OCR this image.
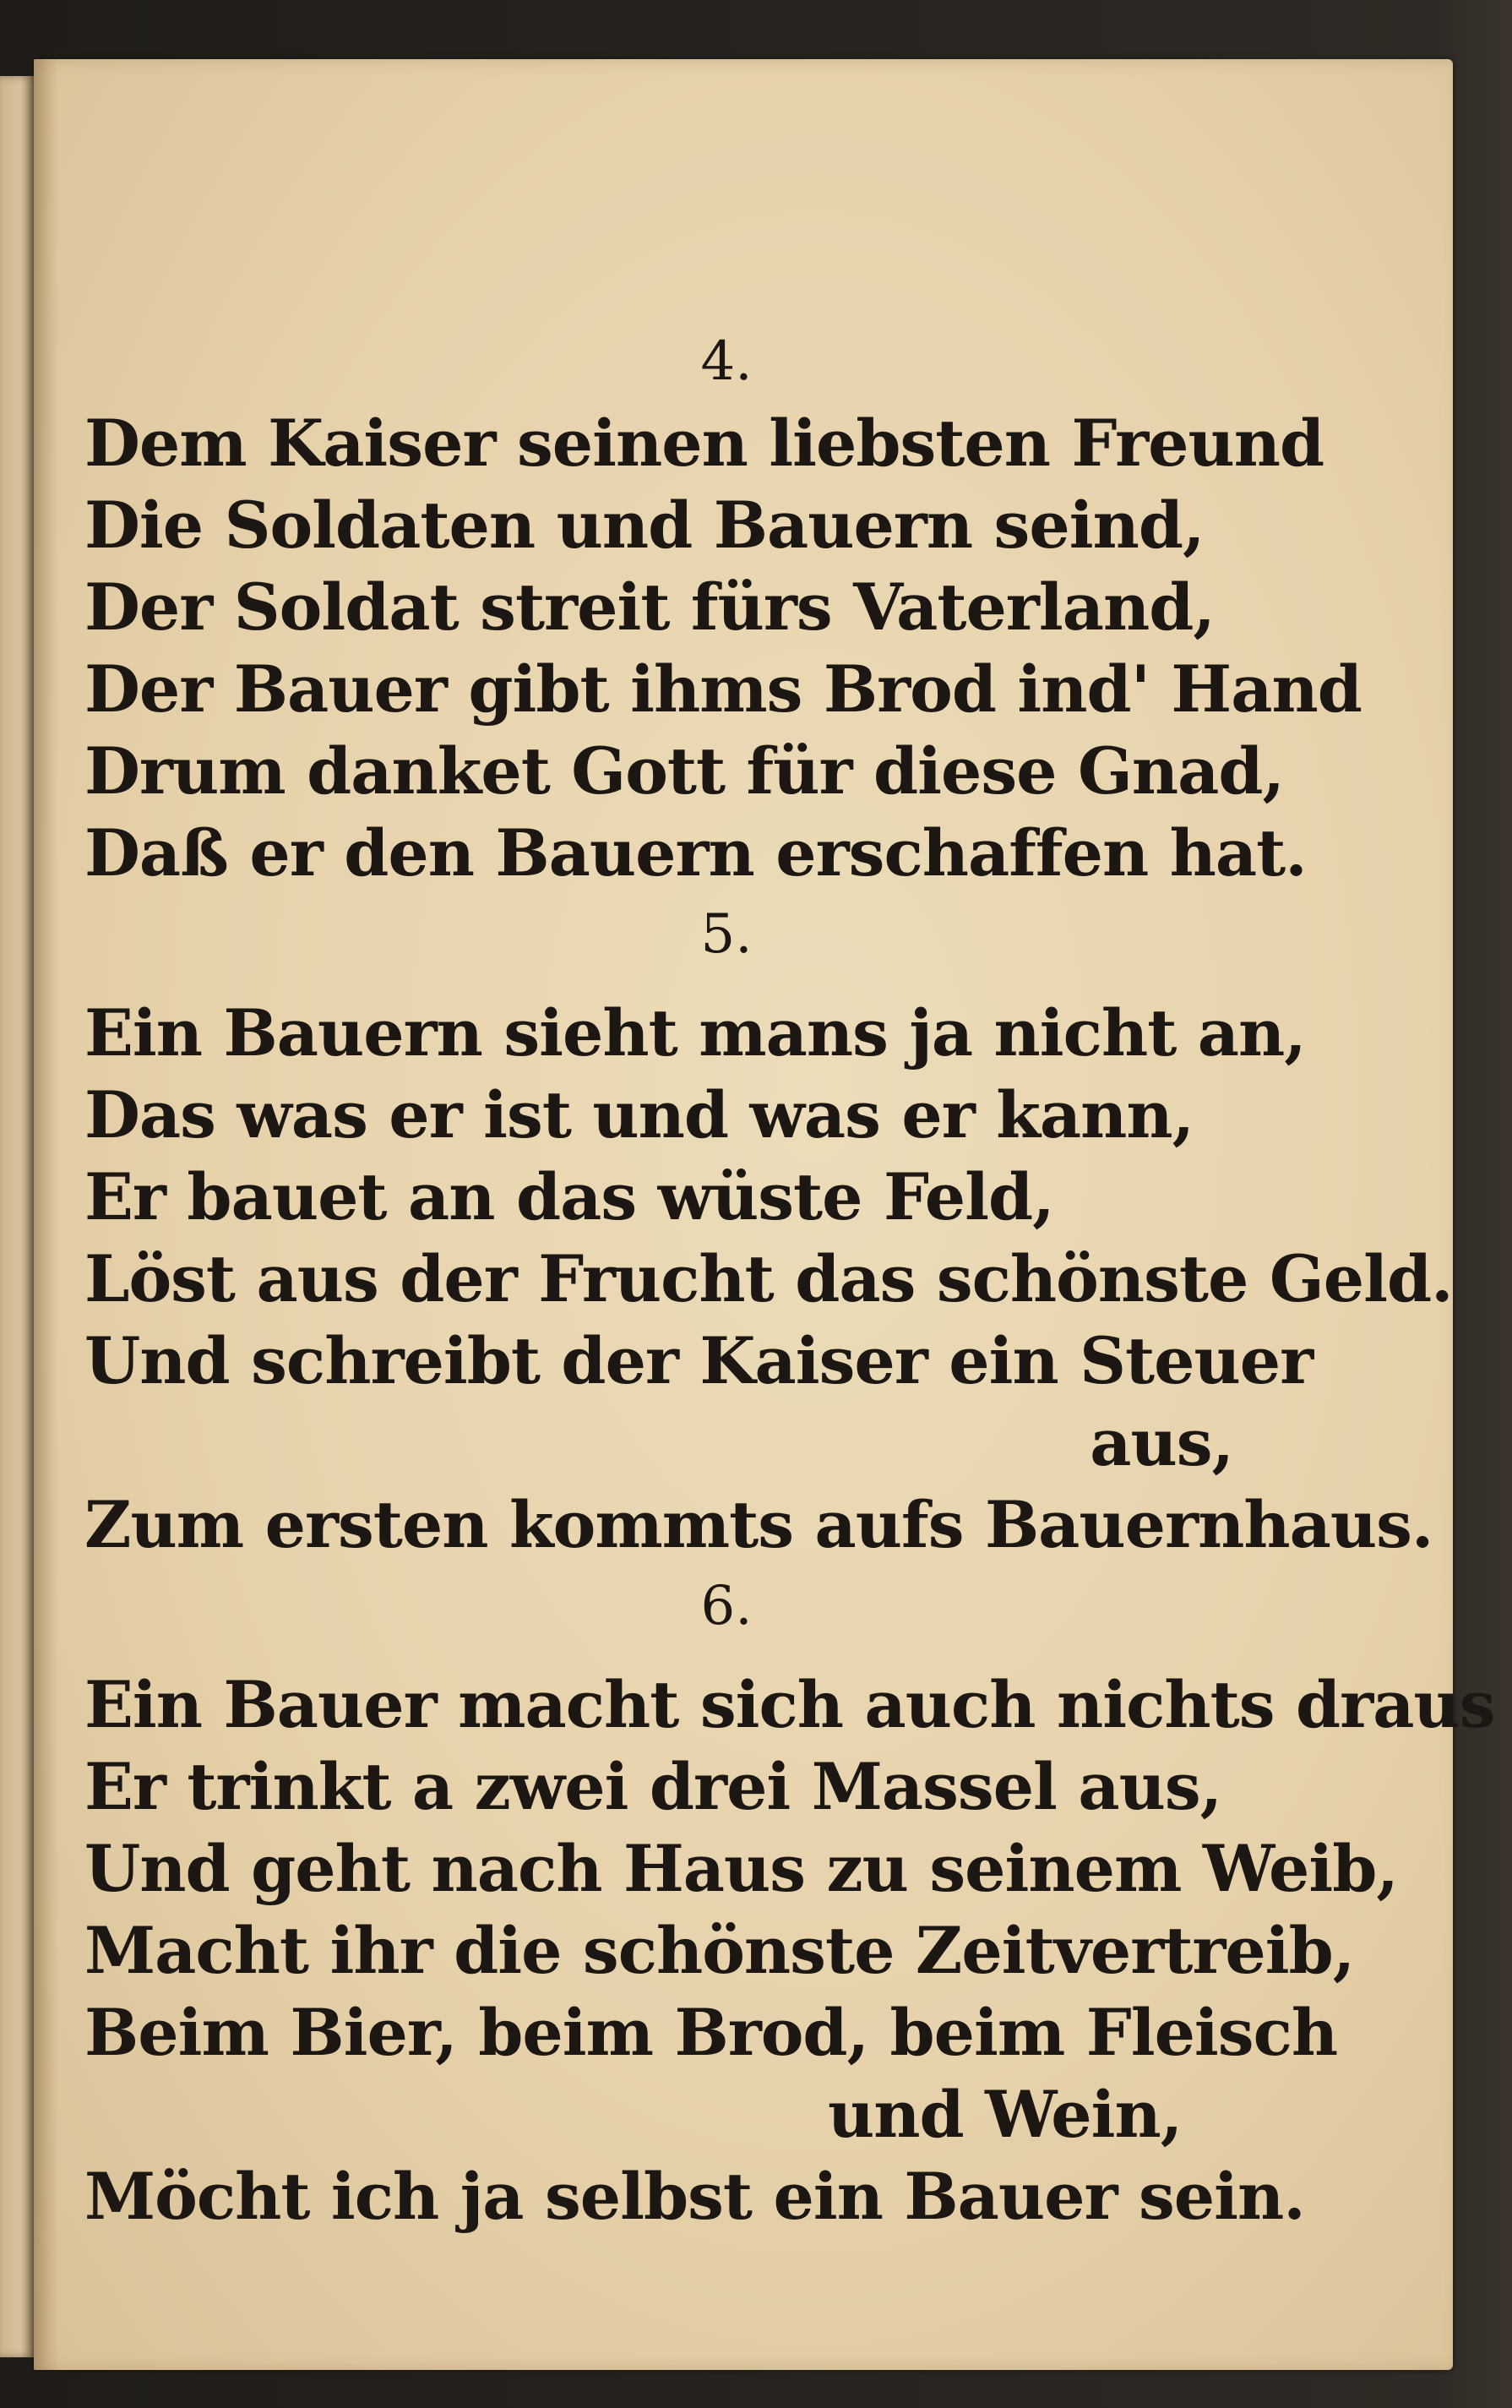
4.
Dem Kaiser seinen liebsten Freund
Die Soldaten und Bauern seind,
Der Soldat streit fürs Vaterland,
Der Bauer gibt ihms Brod ind' Hand
Drum danket Gott für diese Gnad,
Daß er den Bauern erschaffen hat.
5.
Ein Bauern sieht mans ja nicht an,
Das was er ist und was er kann,
Er bauet an das wüste Feld,
Löst aus der Frucht das schönste Geld.
Und schreibt der Kaiser ein Steuer
aus,
Zum ersten kommts aufs Bauernhaus.
6.
Ein Bauer macht sich auch nichts draus
Er trinkt a zwei drei Massel aus,
Und geht nach Haus zu seinem Weib,
Macht ihr die schönste Zeitvertreib,
Beim Bier, beim Brod, beim Fleisch
und Wein,
Möcht ich ja selbst ein Bauer sein.
